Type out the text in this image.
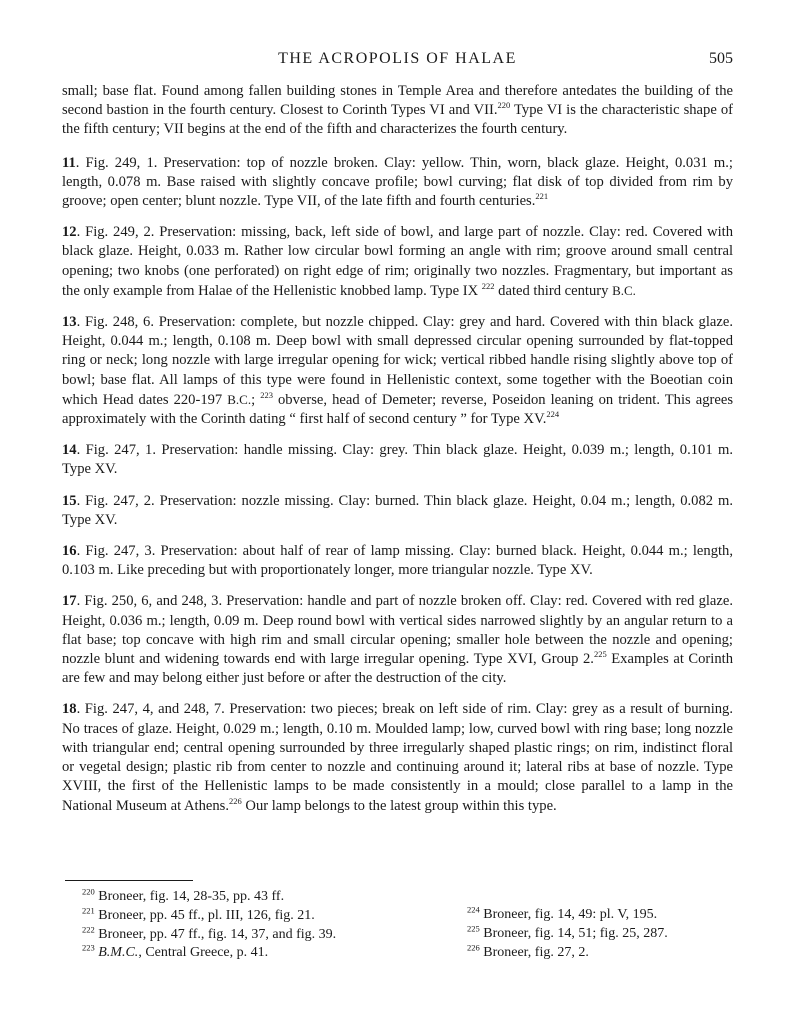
THE ACROPOLIS OF HALAE	505

small; base flat. Found among fallen building stones in Temple Area and therefore antedates the building of the second bastion in the fourth century. Closest to Corinth Types VI and VII.$^{220}$ Type VI is the characteristic shape of the fifth century; VII begins at the end of the fifth and characterizes the fourth century.

11. Fig. 249, 1. Preservation: top of nozzle broken. Clay: yellow. Thin, worn, black glaze. Height, 0.031 m.; length, 0.078 m. Base raised with slightly concave profile; bowl curving; flat disk of top divided from rim by groove; open center; blunt nozzle. Type VII, of the late fifth and fourth centuries.$^{221}$

12. Fig. 249, 2. Preservation: missing, back, left side of bowl, and large part of nozzle. Clay: red. Covered with black glaze. Height, 0.033 m. Rather low circular bowl forming an angle with rim; groove around small central opening; two knobs (one perforated) on right edge of rim; originally two nozzles. Fragmentary, but important as the only example from Halae of the Hellenistic knobbed lamp. Type IX $^{222}$ dated third century B.C.

13. Fig. 248, 6. Preservation: complete, but nozzle chipped. Clay: grey and hard. Covered with thin black glaze. Height, 0.044 m.; length, 0.108 m. Deep bowl with small depressed circular opening surrounded by flat-topped ring or neck; long nozzle with large irregular opening for wick; vertical ribbed handle rising slightly above top of bowl; base flat. All lamps of this type were found in Hellenistic context, some together with the Boeotian coin which Head dates 220-197 B.C.; $^{223}$ obverse, head of Demeter; reverse, Poseidon leaning on trident. This agrees approximately with the Corinth dating “ first half of second century ” for Type XV.$^{224}$

14. Fig. 247, 1. Preservation: handle missing. Clay: grey. Thin black glaze. Height, 0.039 m.; length, 0.101 m. Type XV.

15. Fig. 247, 2. Preservation: nozzle missing. Clay: burned. Thin black glaze. Height, 0.04 m.; length, 0.082 m. Type XV.

16. Fig. 247, 3. Preservation: about half of rear of lamp missing. Clay: burned black. Height, 0.044 m.; length, 0.103 m. Like preceding but with proportionately longer, more triangular nozzle. Type XV.

17. Fig. 250, 6, and 248, 3. Preservation: handle and part of nozzle broken off. Clay: red. Covered with red glaze. Height, 0.036 m.; length, 0.09 m. Deep round bowl with vertical sides narrowed slightly by an angular return to a flat base; top concave with high rim and small circular opening; smaller hole between the nozzle and opening; nozzle blunt and widening towards end with large irregular opening. Type XVI, Group 2.$^{225}$ Examples at Corinth are few and may belong either just before or after the destruction of the city.

18. Fig. 247, 4, and 248, 7. Preservation: two pieces; break on left side of rim. Clay: grey as a result of burning. No traces of glaze. Height, 0.029 m.; length, 0.10 m. Moulded lamp; low, curved bowl with ring base; long nozzle with triangular end; central opening surrounded by three irregularly shaped plastic rings; on rim, indistinct floral or vegetal design; plastic rib from center to nozzle and continuing around it; lateral ribs at base of nozzle. Type XVIII, the first of the Hellenistic lamps to be made consistently in a mould; close parallel to a lamp in the National Museum at Athens.$^{226}$ Our lamp belongs to the latest group within this type.

$^{220}$ Broneer, fig. 14, 28-35, pp. 43 ff.
$^{221}$ Broneer, pp. 45 ff., pl. III, 126, fig. 21.
$^{222}$ Broneer, pp. 47 ff., fig. 14, 37, and fig. 39.
$^{223}$ B.M.C., Central Greece, p. 41.
$^{224}$ Broneer, fig. 14, 49: pl. V, 195.
$^{225}$ Broneer, fig. 14, 51; fig. 25, 287.
$^{226}$ Broneer, fig. 27, 2.
